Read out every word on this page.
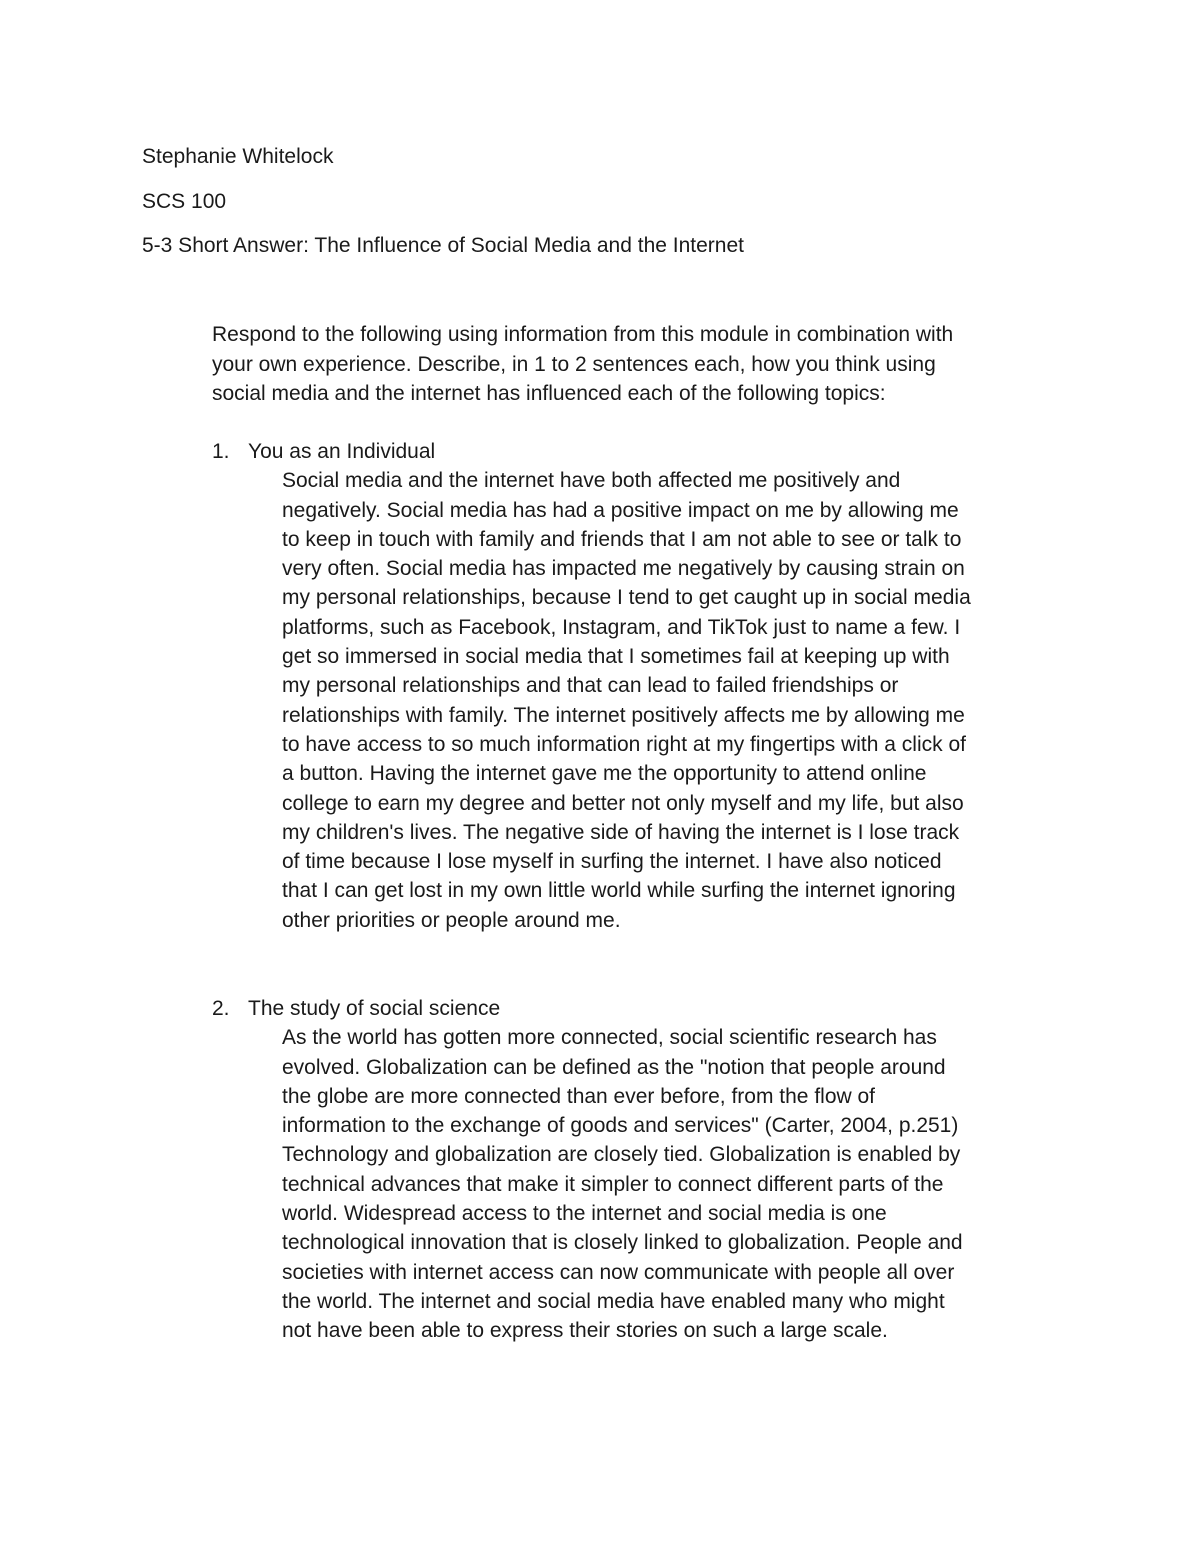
Stephanie Whitelock
SCS 100
5-3 Short Answer: The Influence of Social Media and the Internet
Respond to the following using information from this module in combination with
your own experience. Describe, in 1 to 2 sentences each, how you think using
social media and the internet has influenced each of the following topics:
1. You as an Individual
Social media and the internet have both affected me positively and
negatively. Social media has had a positive impact on me by allowing me
to keep in touch with family and friends that I am not able to see or talk to
very often. Social media has impacted me negatively by causing strain on
my personal relationships, because I tend to get caught up in social media
platforms, such as Facebook, Instagram, and TikTok just to name a few. I
get so immersed in social media that I sometimes fail at keeping up with
my personal relationships and that can lead to failed friendships or
relationships with family. The internet positively affects me by allowing me
to have access to so much information right at my fingertips with a click of
a button. Having the internet gave me the opportunity to attend online
college to earn my degree and better not only myself and my life, but also
my children's lives. The negative side of having the internet is I lose track
of time because I lose myself in surfing the internet. I have also noticed
that I can get lost in my own little world while surfing the internet ignoring
other priorities or people around me.
2. The study of social science
As the world has gotten more connected, social scientific research has
evolved. Globalization can be defined as the "notion that people around
the globe are more connected than ever before, from the flow of
information to the exchange of goods and services" (Carter, 2004, p.251)
Technology and globalization are closely tied. Globalization is enabled by
technical advances that make it simpler to connect different parts of the
world. Widespread access to the internet and social media is one
technological innovation that is closely linked to globalization. People and
societies with internet access can now communicate with people all over
the world. The internet and social media have enabled many who might
not have been able to express their stories on such a large scale.
